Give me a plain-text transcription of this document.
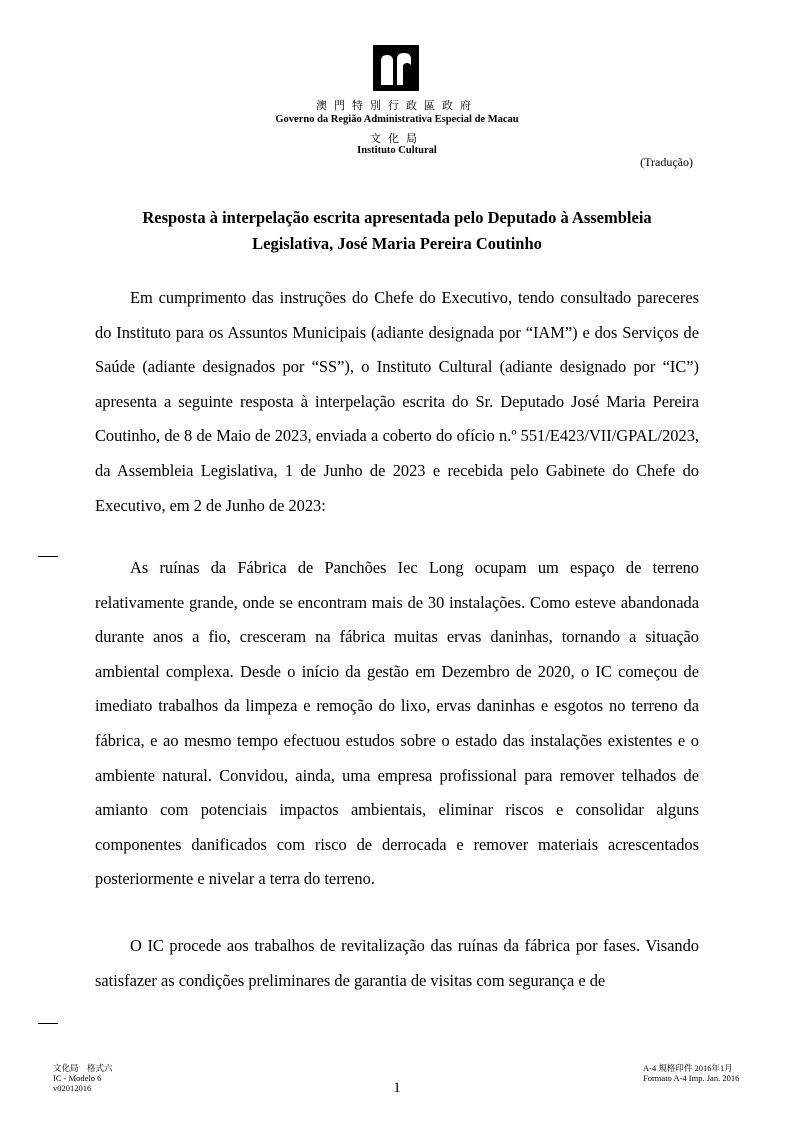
澳門特別行政區政府
Governo da Região Administrativa Especial de Macau
文化局
Instituto Cultural
(Tradução)
Resposta à interpelação escrita apresentada pelo Deputado à Assembleia
Legislativa, José Maria Pereira Coutinho

Em cumprimento das instruções do Chefe do Executivo, tendo consultado pareceres do Instituto para os Assuntos Municipais (adiante designada por “IAM”) e dos Serviços de Saúde (adiante designados por “SS”), o Instituto Cultural (adiante designado por “IC”) apresenta a seguinte resposta à interpelação escrita do Sr. Deputado José Maria Pereira Coutinho, de 8 de Maio de 2023, enviada a coberto do ofício n.º 551/E423/VII/GPAL/2023, da Assembleia Legislativa, 1 de Junho de 2023 e recebida pelo Gabinete do Chefe do Executivo, em 2 de Junho de 2023:

As ruínas da Fábrica de Panchões Iec Long ocupam um espaço de terreno relativamente grande, onde se encontram mais de 30 instalações. Como esteve abandonada durante anos a fio, cresceram na fábrica muitas ervas daninhas, tornando a situação ambiental complexa. Desde o início da gestão em Dezembro de 2020, o IC começou de imediato trabalhos da limpeza e remoção do lixo, ervas daninhas e esgotos no terreno da fábrica, e ao mesmo tempo efectuou estudos sobre o estado das instalações existentes e o ambiente natural. Convidou, ainda, uma empresa profissional para remover telhados de amianto com potenciais impactos ambientais, eliminar riscos e consolidar alguns componentes danificados com risco de derrocada e remover materiais acrescentados posteriormente e nivelar a terra do terreno.

O IC procede aos trabalhos de revitalização das ruínas da fábrica por fases. Visando satisfazer as condições preliminares de garantia de visitas com segurança e de

文化局　格式六
IC - Modelo 6
v02012016
A-4 規格印件 2016年1月
Formato A-4 Imp. Jan. 2016
1
